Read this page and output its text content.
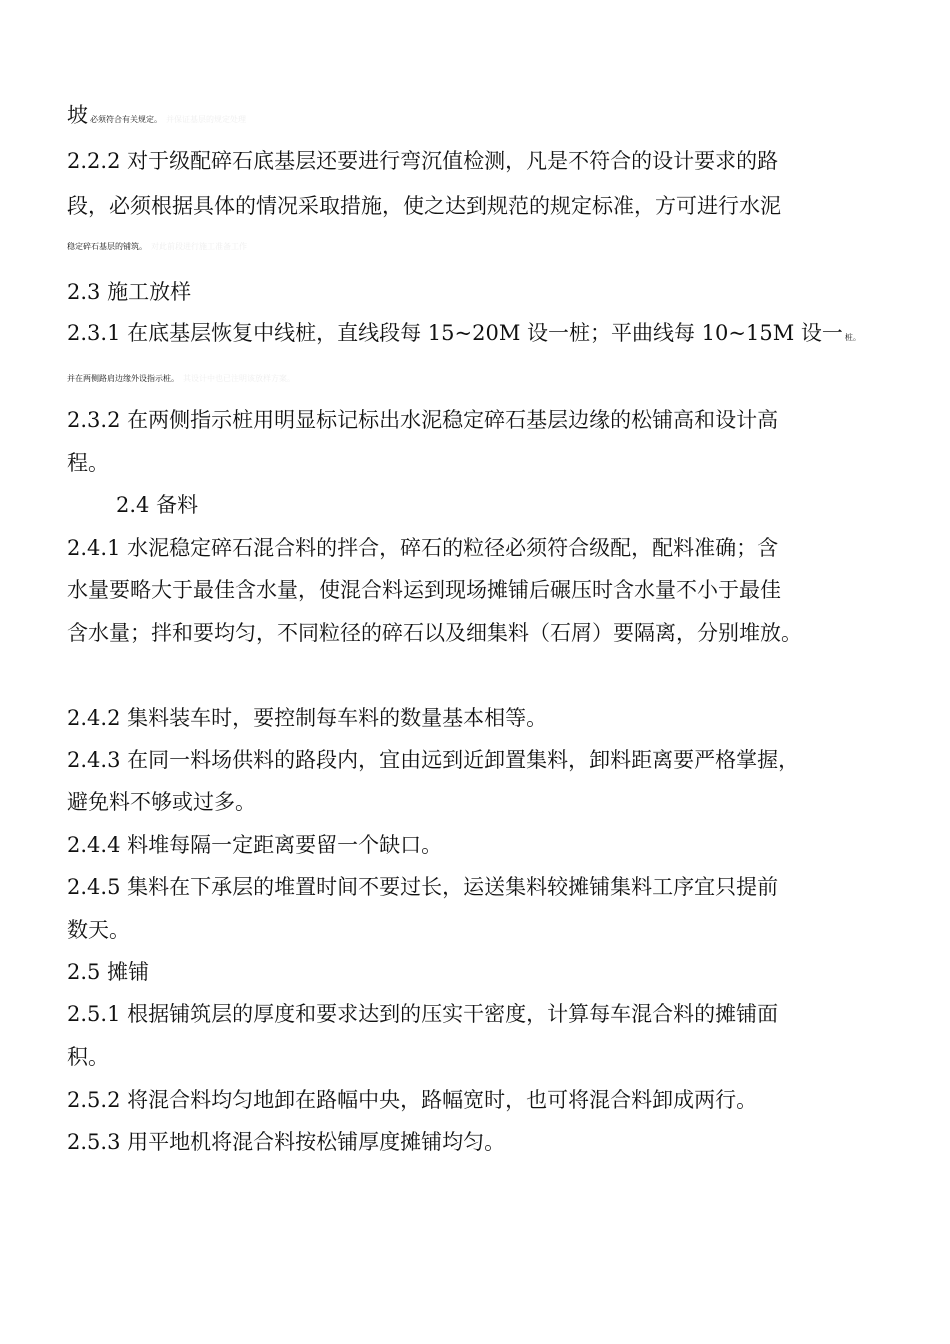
坡必须符合有关规定。 并保证基层的规定处理
2.2.2 对于级配碎石底基层还要进行弯沉值检测，凡是不符合的设计要求的路
段，必须根据具体的情况采取措施，使之达到规范的规定标准，方可进行水泥
稳定碎石基层的铺筑。 对此前段进行施工准备工作
2.3 施工放样
2.3.1 在底基层恢复中线桩，直线段每 15~20M 设一桩；平曲线每 10~15M 设一 桩。
并在两侧路肩边缘外设指示桩。 其设计中也已注明该放样方案。
2.3.2 在两侧指示桩用明显标记标出水泥稳定碎石基层边缘的松铺高和设计高
程。
2.4 备料
2.4.1 水泥稳定碎石混合料的拌合，碎石的粒径必须符合级配，配料准确；含
水量要略大于最佳含水量，使混合料运到现场摊铺后碾压时含水量不小于最佳
含水量；拌和要均匀，不同粒径的碎石以及细集料（石屑）要隔离，分别堆放。
2.4.2 集料装车时，要控制每车料的数量基本相等。
2.4.3 在同一料场供料的路段内，宜由远到近卸置集料，卸料距离要严格掌握，
避免料不够或过多。
2.4.4 料堆每隔一定距离要留一个缺口。
2.4.5 集料在下承层的堆置时间不要过长，运送集料较摊铺集料工序宜只提前
数天。
2.5 摊铺
2.5.1 根据铺筑层的厚度和要求达到的压实干密度，计算每车混合料的摊铺面
积。
2.5.2 将混合料均匀地卸在路幅中央，路幅宽时，也可将混合料卸成两行。
2.5.3 用平地机将混合料按松铺厚度摊铺均匀。
